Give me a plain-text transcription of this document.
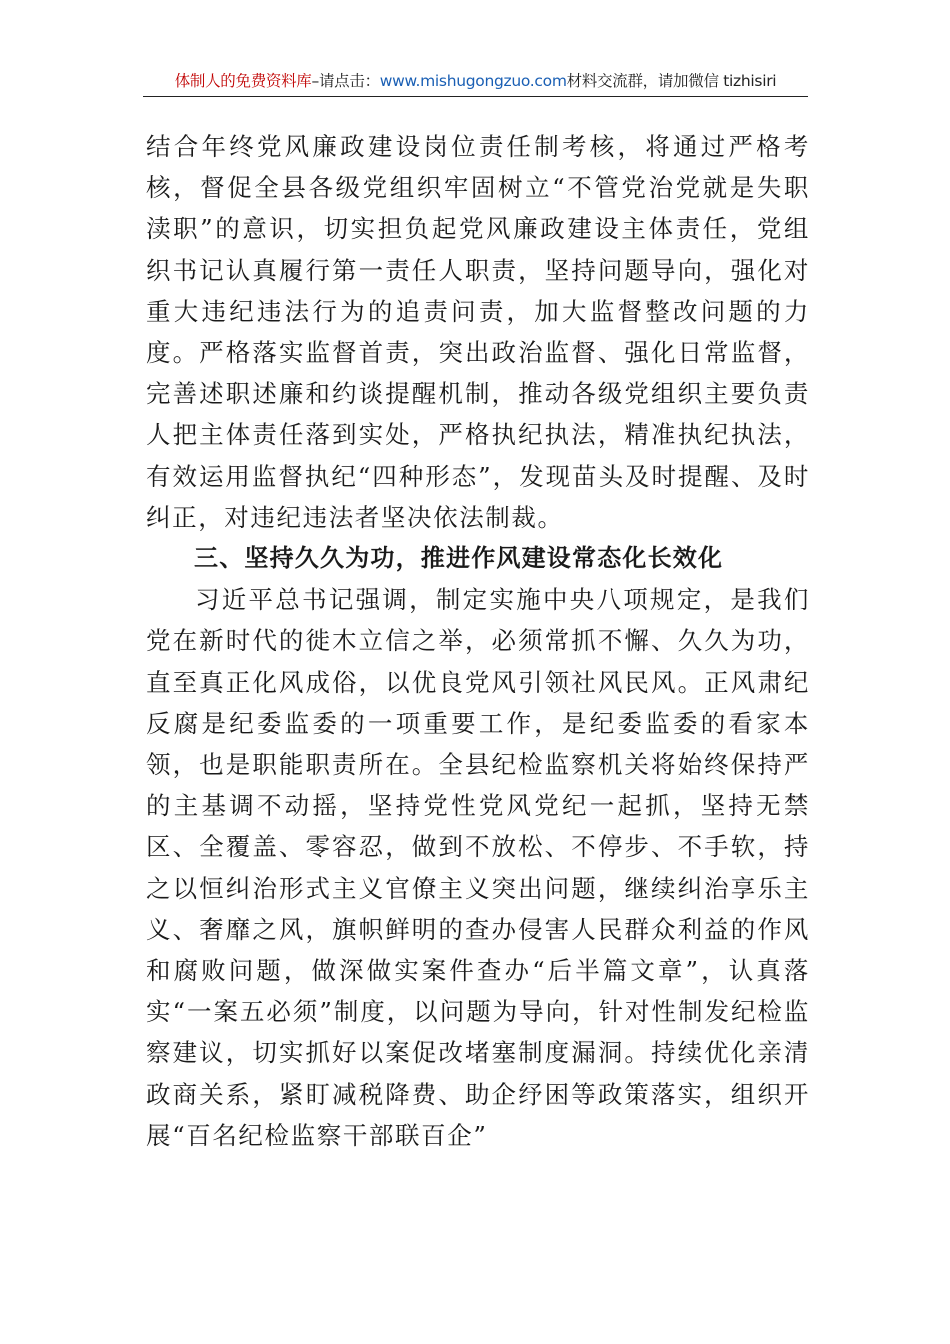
体制人的免费资料库–请点击：www.mishugongzuo.com材料交流群，请加微信 tizhisiri

结合年终党风廉政建设岗位责任制考核，将通过严格考核，督促全县各级党组织牢固树立“不管党治党就是失职渎职”的意识，切实担负起党风廉政建设主体责任，党组织书记认真履行第一责任人职责，坚持问题导向，强化对重大违纪违法行为的追责问责，加大监督整改问题的力度。严格落实监督首责，突出政治监督、强化日常监督，完善述职述廉和约谈提醒机制，推动各级党组织主要负责人把主体责任落到实处，严格执纪执法，精准执纪执法，有效运用监督执纪“四种形态”，发现苗头及时提醒、及时纠正，对违纪违法者坚决依法制裁。

三、坚持久久为功，推进作风建设常态化长效化

习近平总书记强调，制定实施中央八项规定，是我们党在新时代的徙木立信之举，必须常抓不懈、久久为功，直至真正化风成俗，以优良党风引领社风民风。正风肃纪反腐是纪委监委的一项重要工作，是纪委监委的看家本领，也是职能职责所在。全县纪检监察机关将始终保持严的主基调不动摇，坚持党性党风党纪一起抓，坚持无禁区、全覆盖、零容忍，做到不放松、不停步、不手软，持之以恒纠治形式主义官僚主义突出问题，继续纠治享乐主义、奢靡之风，旗帜鲜明的查办侵害人民群众利益的作风和腐败问题，做深做实案件查办“后半篇文章”，认真落实“一案五必须”制度，以问题为导向，针对性制发纪检监察建议，切实抓好以案促改堵塞制度漏洞。持续优化亲清政商关系，紧盯减税降费、助企纾困等政策落实，组织开展“百名纪检监察干部联百企”
